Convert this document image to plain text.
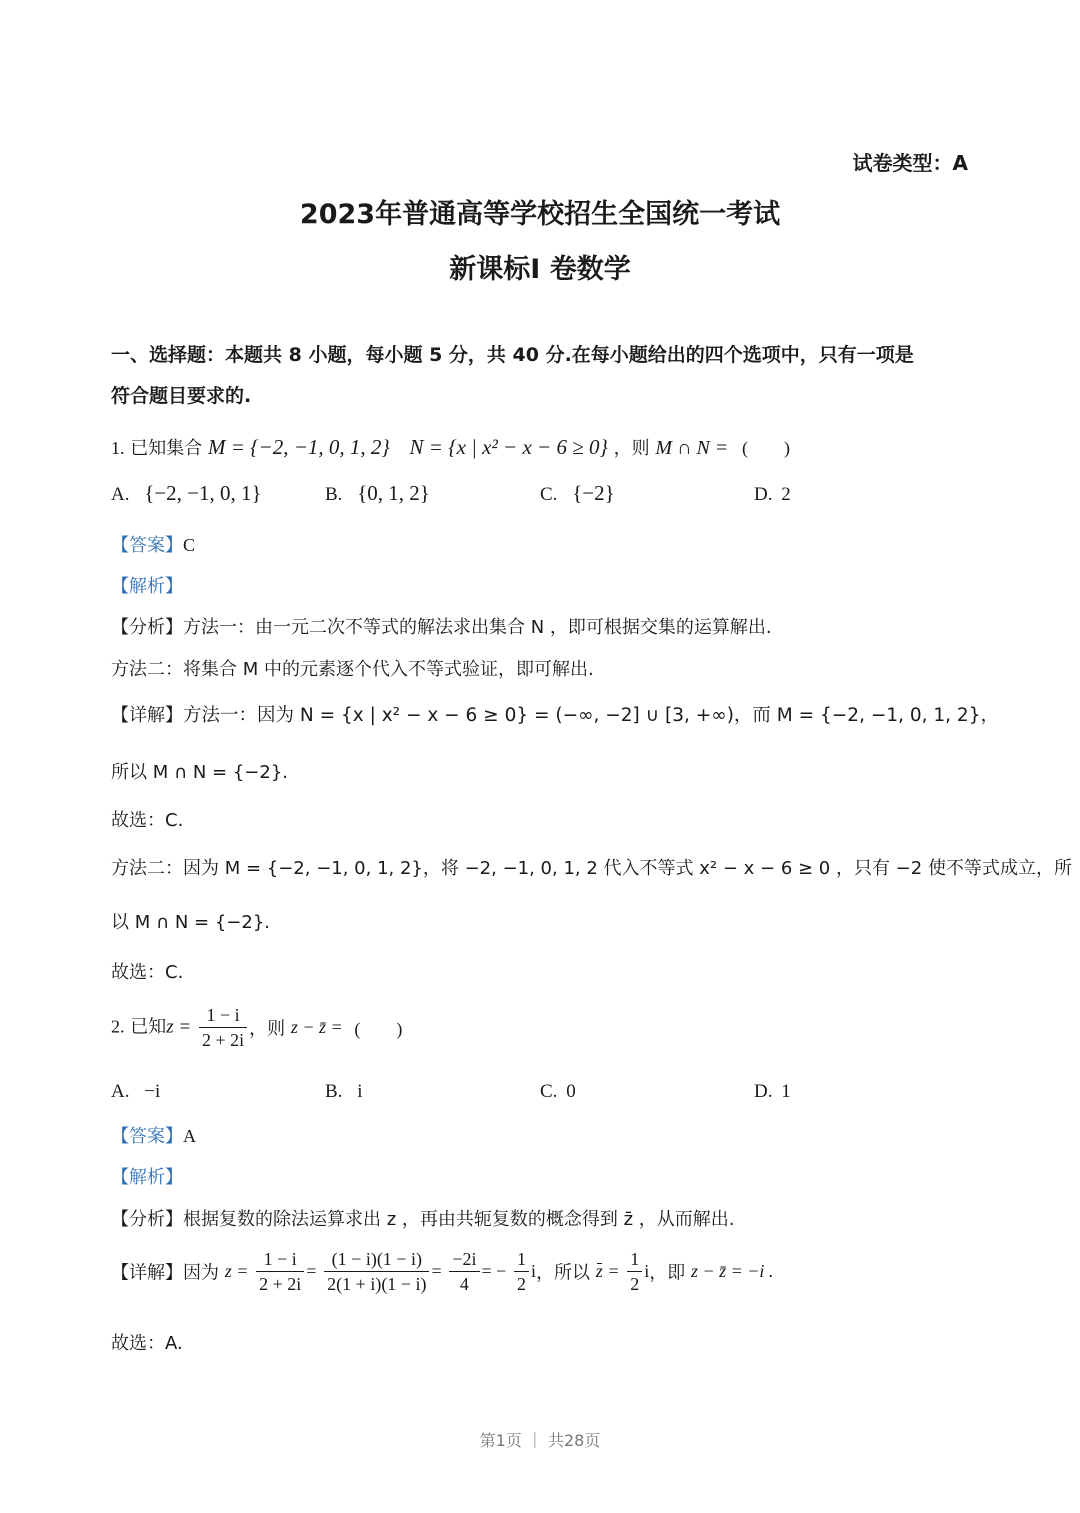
试卷类型：A
2023年普通高等学校招生全国统一考试
新课标I 卷数学
一、选择题：本题共 8 小题，每小题 5 分，共 40 分.在每小题给出的四个选项中，只有一项是
符合题目要求的.
1. 已知集合 M = {−2, −1, 0, 1, 2} N = {x | x² − x − 6 ≥ 0} ，则 M ∩ N = (　　)
A. {−2, −1, 0, 1}	B. {0, 1, 2}	C. {−2}	D. 2
【答案】C
【解析】
【分析】方法一：由一元二次不等式的解法求出集合 N ，即可根据交集的运算解出.
方法二：将集合 M 中的元素逐个代入不等式验证，即可解出.
【详解】方法一：因为 N = {x | x² − x − 6 ≥ 0} = (−∞, −2] ∪ [3, +∞)，而 M = {−2, −1, 0, 1, 2}，
所以 M ∩ N = {−2}.
故选：C.
方法二：因为 M = {−2, −1, 0, 1, 2}，将 −2, −1, 0, 1, 2 代入不等式 x² − x − 6 ≥ 0 ，只有 −2 使不等式成立，所
以 M ∩ N = {−2}.
故选：C.
2. 已知$z = \frac{1 - i}{2 + 2i}$ ，则 z − z̄ = (　　)
A. −i	B. i	C. 0	D. 1
【答案】A
【解析】
【分析】根据复数的除法运算求出 z ，再由共轭复数的概念得到 z̄ ，从而解出.
【详解】因为 $z = \frac{1 - i}{2 + 2i} = \frac{(1 - i)(1 - i)}{2(1 + i)(1 - i)} = \frac{-2i}{4}$ = − $\frac{1}{2}$ i，所以 $z = \frac{1}{2}$ i，即 z − z̄ = −i .
故选：A.
第1页 ｜ 共28页
